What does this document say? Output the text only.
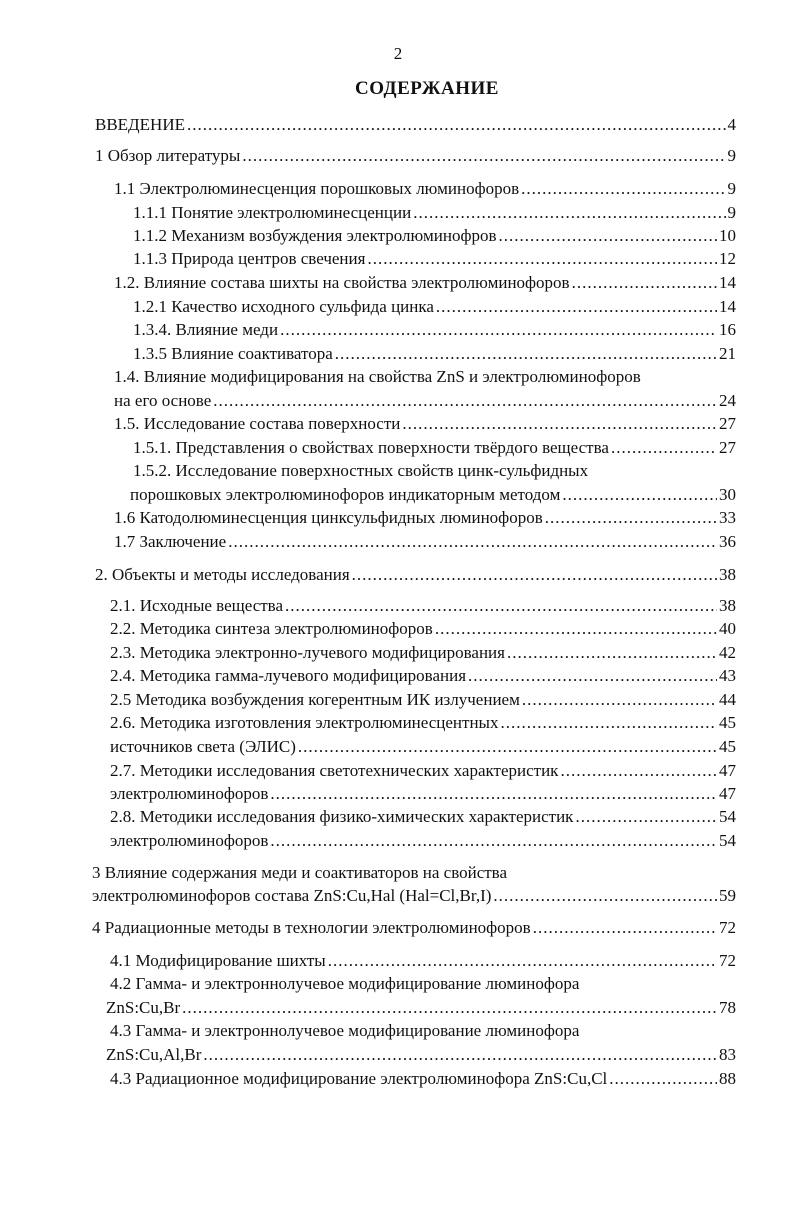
2
СОДЕРЖАНИЕ
ВВЕДЕНИЕ .....	4
1 Обзор литературы .....	9
1.1 Электролюминесценция порошковых люминофоров .....	9
1.1.1 Понятие электролюминесценции .....	9
1.1.2 Механизм возбуждения электролюминофров .....	10
1.1.3 Природа центров свечения .....	12
1.2. Влияние состава шихты на свойства электролюминофоров .....	14
1.2.1 Качество исходного сульфида цинка .....	14
1.3.4. Влияние меди .....	16
1.3.5 Влияние соактиватора .....	21
1.4. Влияние модифицирования на свойства ZnS и электролюминофоров
на его основе .....	24
1.5. Исследование состава поверхности .....	27
1.5.1. Представления о свойствах поверхности твёрдого вещества .....	27
1.5.2. Исследование поверхностных свойств цинк-сульфидных
порошковых электролюминофоров индикаторным методом .....	30
1.6 Катодолюминесценция цинксульфидных люминофоров .....	33
1.7 Заключение .....	36
2. Объекты и методы исследования .....	38
2.1. Исходные вещества .....	38
2.2. Методика синтеза электролюминофоров .....	40
2.3. Методика электронно-лучевого модифицирования .....	42
2.4. Методика гамма-лучевого модифицирования .....	43
2.5 Методика возбуждения когерентным ИК излучением .....	44
2.6. Методика изготовления электролюминесцентных .....	45
источников света (ЭЛИС) .....	45
2.7. Методики исследования светотехнических характеристик .....	47
электролюминофоров .....	47
2.8. Методики исследования физико-химических характеристик .....	54
электролюминофоров .....	54
3 Влияние содержания меди и соактиваторов на свойства
электролюминофоров состава ZnS:Cu,Hal (Hal=Cl,Br,I) .....	59
4 Радиационные методы в технологии электролюминофоров .....	72
4.1 Модифицирование шихты .....	72
4.2 Гамма- и электроннолучевое модифицирование люминофора
ZnS:Cu,Br .....	78
4.3 Гамма- и электроннолучевое модифицирование люминофора
ZnS:Cu,Al,Br .....	83
4.3 Радиационное модифицирование электролюминофора ZnS:Cu,Cl .....	88
